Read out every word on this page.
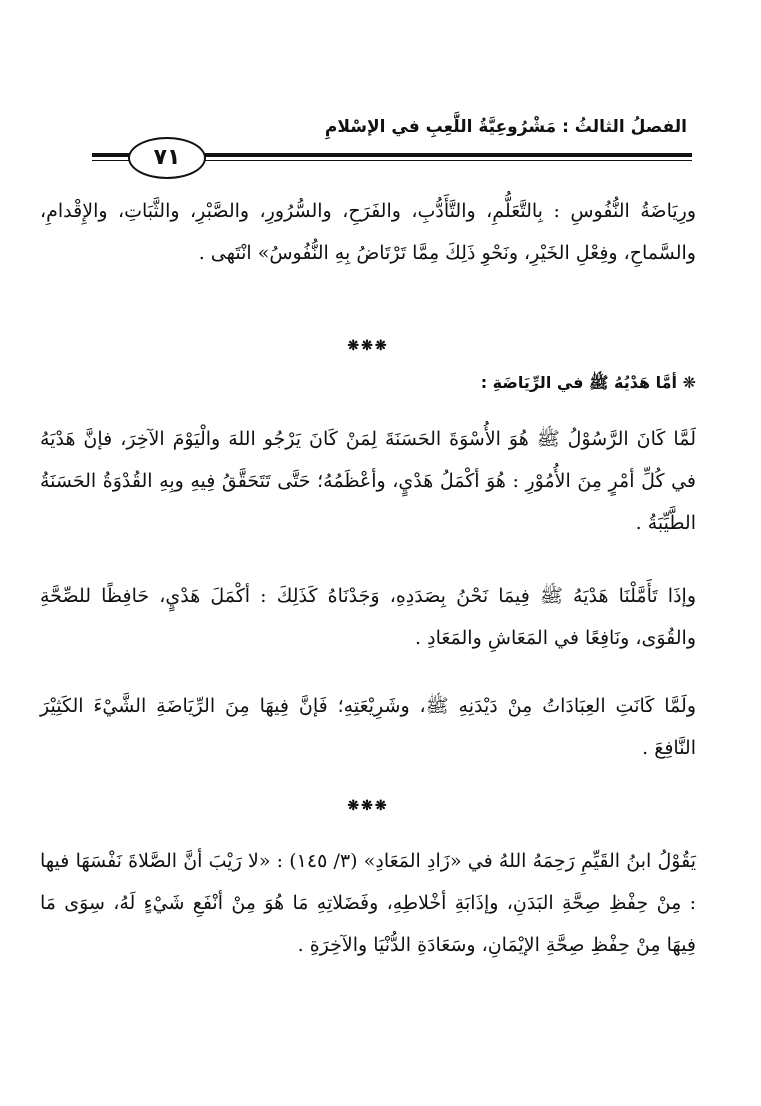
الفصلُ الثالثُ : مَشْرُوعِيَّةُ اللَّعِبِ في الإسْلامِ
٧١

ورِيَاضَةُ النُّفُوسِ : بِالتَّعَلُّمِ، والتَّأَدُّبِ، والفَرَحِ، والسُّرُورِ، والصَّبْرِ، والثَّبَاتِ، والإِقْدامِ، والسَّماحِ، وفِعْلِ الخَيْرِ، ونَحْوِ ذَلِكَ مِمَّا تَرْتَاضُ بِهِ النُّفُوسُ» انْتَهى .

❋❋❋
❋ أمَّا هَدْيُهُ ﷺ في الرِّيَاضَةِ :

لَمَّا كَانَ الرَّسُوْلُ ﷺ هُوَ الأُسْوَةَ الحَسَنَةَ لِمَنْ كَانَ يَرْجُو اللهَ والْيَوْمَ الآخِرَ، فإنَّ هَدْيَهُ في كُلِّ أمْرٍ مِنَ الأُمُوْرِ : هُوَ أكْمَلُ هَدْيٍ، وأعْظَمُهُ؛ حَتَّى تَتَحَقَّقُ فِيهِ وبِهِ القُدْوَةُ الحَسَنَةُ الطَّيِّبَةُ .

وإذَا تَأَمَّلْنَا هَدْيَهُ ﷺ فِيمَا نَحْنُ بِصَدَدِهِ، وَجَدْنَاهُ كَذَلِكَ : أكْمَلَ هَدْيٍ، حَافِظًا للصِّحَّةِ والقُوَى، ونَافِعًا في المَعَاشِ والمَعَادِ .

ولَمَّا كَانَتِ العِبَادَاتُ مِنْ دَيْدَنِهِ ﷺ، وشَرِيْعَتِهِ؛ فَإنَّ فِيهَا مِنَ الرِّيَاضَةِ الشَّيْءَ الكَثِيْرَ النَّافِعَ .

❋❋❋

يَقُوْلُ ابنُ القَيِّمِ رَحِمَهُ اللهُ في «زَادِ المَعَادِ» (٣/ ١٤٥) : «لا رَيْبَ أنَّ الصَّلاةَ نَفْسَهَا فيها : مِنْ حِفْظِ صِحَّةِ البَدَنِ، وإذَابَةِ أخْلاطِهِ، وفَضَلاتِهِ مَا هُوَ مِنْ أنْفَعِ شَيْءٍ لَهُ، سِوَى مَا فِيهَا مِنْ حِفْظِ صِحَّةِ الإيْمَانِ، وسَعَادَةِ الدُّنْيَا والآخِرَةِ .
